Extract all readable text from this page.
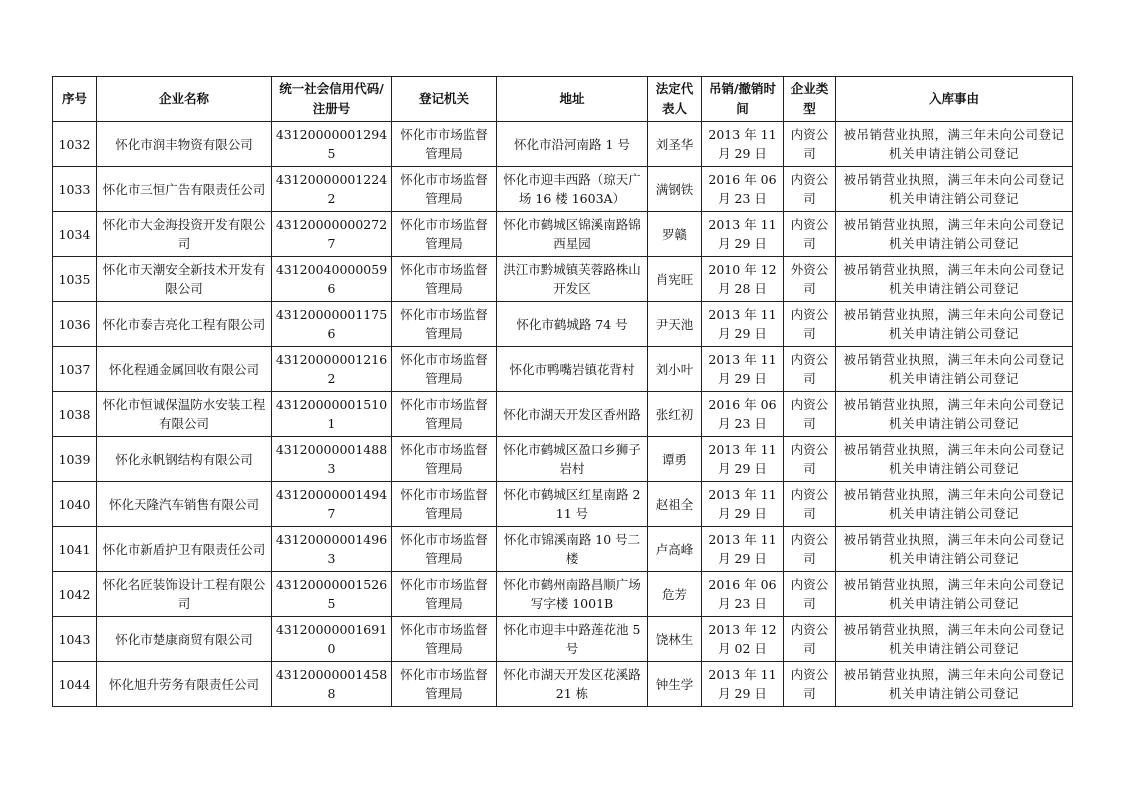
序号	企业名称	统一社会信用代码/注册号	登记机关	地址	法定代表人	吊销/撤销时间	企业类型	入库事由
1032	怀化市润丰物资有限公司	431200000012945	怀化市市场监督管理局	怀化市沿河南路 1 号	刘圣华	2013 年 11 月 29 日	内资公司	被吊销营业执照，满三年未向公司登记机关申请注销公司登记
1033	怀化市三恒广告有限责任公司	431200000012242	怀化市市场监督管理局	怀化市迎丰西路（琼天广场 16 楼 1603A）	满钢铁	2016 年 06 月 23 日	内资公司	被吊销营业执照，满三年未向公司登记机关申请注销公司登记
1034	怀化市大金海投资开发有限公司	431200000002727	怀化市市场监督管理局	怀化市鹤城区锦溪南路锦西星园	罗赣	2013 年 11 月 29 日	内资公司	被吊销营业执照，满三年未向公司登记机关申请注销公司登记
1035	怀化市天潮安全新技术开发有限公司	431200400000596	怀化市市场监督管理局	洪江市黔城镇芙蓉路株山开发区	肖宪旺	2010 年 12 月 28 日	外资公司	被吊销营业执照，满三年未向公司登记机关申请注销公司登记
1036	怀化市泰吉亮化工程有限公司	431200000011756	怀化市市场监督管理局	怀化市鹤城路 74 号	尹天池	2013 年 11 月 29 日	内资公司	被吊销营业执照，满三年未向公司登记机关申请注销公司登记
1037	怀化程通金属回收有限公司	431200000012162	怀化市市场监督管理局	怀化市鸭嘴岩镇花背村	刘小叶	2013 年 11 月 29 日	内资公司	被吊销营业执照，满三年未向公司登记机关申请注销公司登记
1038	怀化市恒诚保温防水安装工程有限公司	431200000015101	怀化市市场监督管理局	怀化市湖天开发区香州路	张红初	2016 年 06 月 23 日	内资公司	被吊销营业执照，满三年未向公司登记机关申请注销公司登记
1039	怀化永帆钢结构有限公司	431200000014883	怀化市市场监督管理局	怀化市鹤城区盈口乡狮子岩村	谭勇	2013 年 11 月 29 日	内资公司	被吊销营业执照，满三年未向公司登记机关申请注销公司登记
1040	怀化天隆汽车销售有限公司	431200000014947	怀化市市场监督管理局	怀化市鹤城区红星南路 211 号	赵祖全	2013 年 11 月 29 日	内资公司	被吊销营业执照，满三年未向公司登记机关申请注销公司登记
1041	怀化市新盾护卫有限责任公司	431200000014963	怀化市市场监督管理局	怀化市锦溪南路 10 号二楼	卢高峰	2013 年 11 月 29 日	内资公司	被吊销营业执照，满三年未向公司登记机关申请注销公司登记
1042	怀化名匠装饰设计工程有限公司	431200000015265	怀化市市场监督管理局	怀化市鹤州南路昌顺广场写字楼 1001B	危芳	2016 年 06 月 23 日	内资公司	被吊销营业执照，满三年未向公司登记机关申请注销公司登记
1043	怀化市楚康商贸有限公司	431200000016910	怀化市市场监督管理局	怀化市迎丰中路莲花池 5 号	饶林生	2013 年 12 月 02 日	内资公司	被吊销营业执照，满三年未向公司登记机关申请注销公司登记
1044	怀化旭升劳务有限责任公司	431200000014588	怀化市市场监督管理局	怀化市湖天开发区花溪路 21 栋	钟生学	2013 年 11 月 29 日	内资公司	被吊销营业执照，满三年未向公司登记机关申请注销公司登记
